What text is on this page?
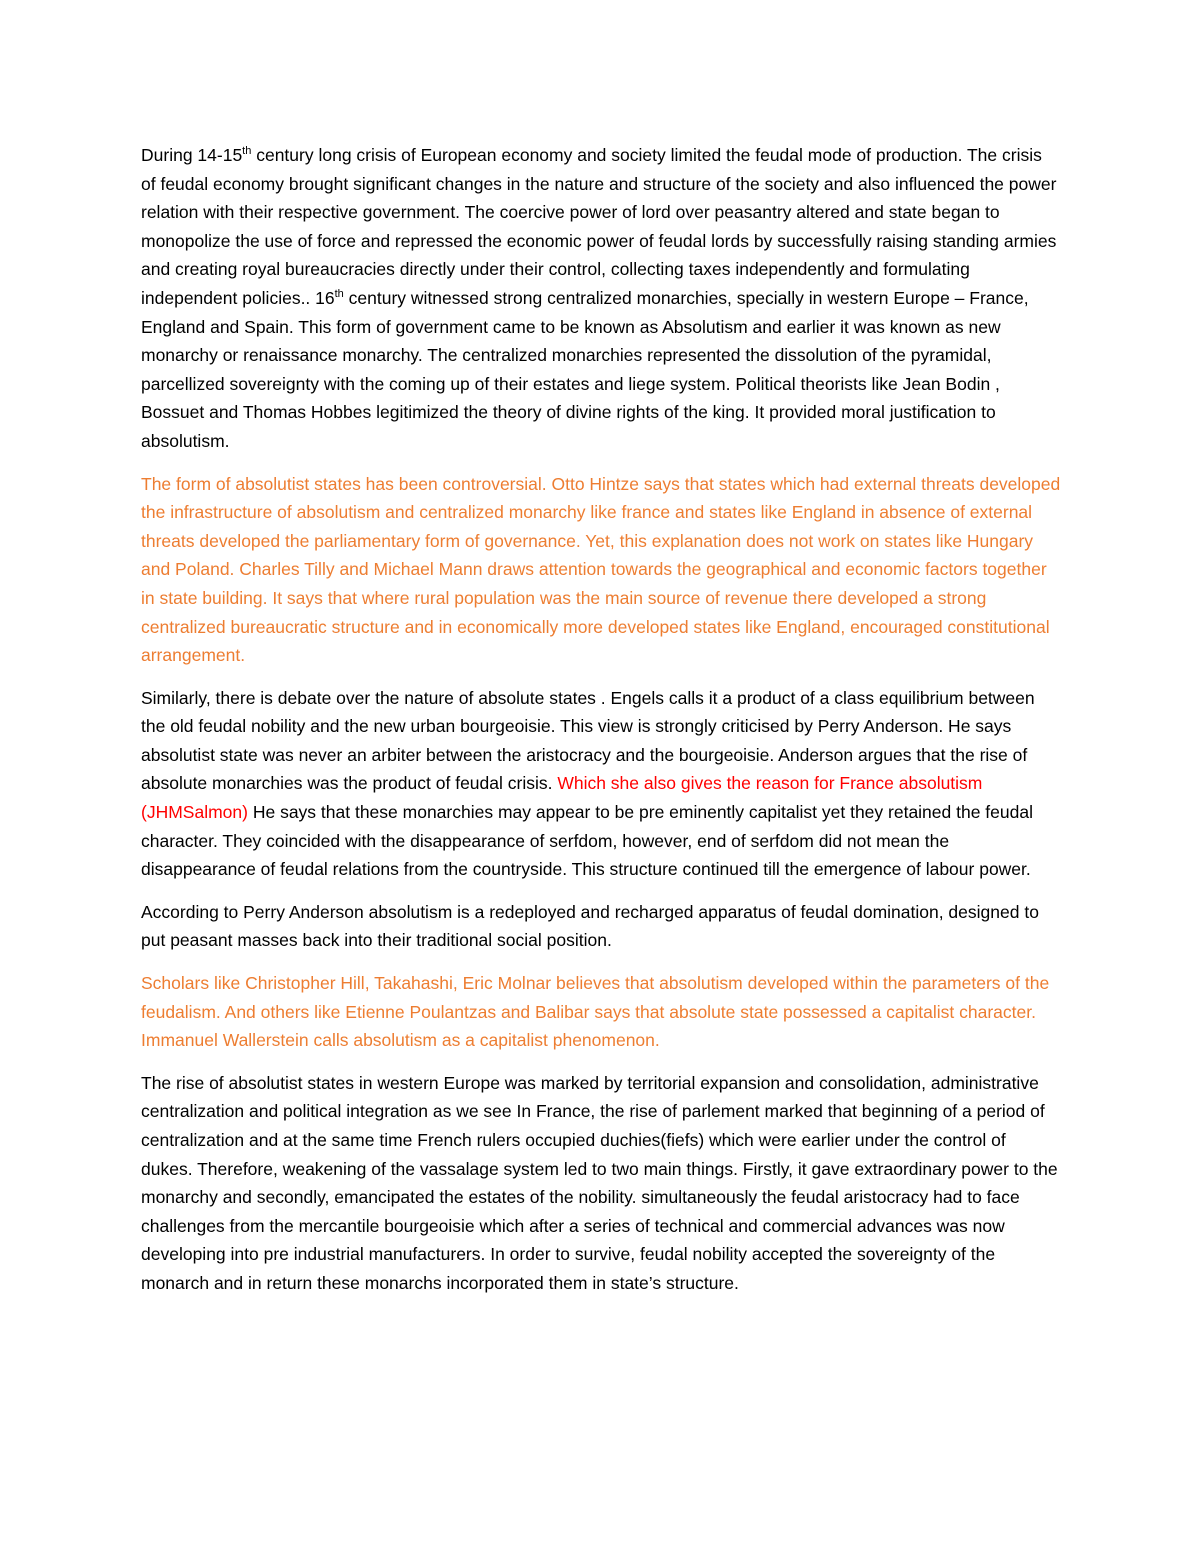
During 14-15th century long crisis of European economy and society limited the feudal mode of production. The crisis of feudal economy brought significant changes in the nature and structure of the society and also influenced the power relation with their respective government. The coercive power of lord over peasantry altered and state began to monopolize the use of force and repressed the economic power of feudal lords by successfully raising standing armies and creating royal bureaucracies directly under their control, collecting taxes independently and formulating independent policies.. 16th century witnessed strong centralized monarchies, specially in western Europe – France, England and Spain. This form of government came to be known as Absolutism and earlier it was known as new monarchy or renaissance monarchy. The centralized monarchies represented the dissolution of the pyramidal, parcellized sovereignty with the coming up of their estates and liege system. Political theorists like Jean Bodin , Bossuet and Thomas Hobbes legitimized the theory of divine rights of the king. It provided moral justification to absolutism.

The form of absolutist states has been controversial. Otto Hintze says that states which had external threats developed the infrastructure of absolutism and centralized monarchy like france and states like England in absence of external threats developed the parliamentary form of governance. Yet, this explanation does not work on states like Hungary and Poland. Charles Tilly and Michael Mann draws attention towards the geographical and economic factors together in state building. It says that where rural population was the main source of revenue there developed a strong centralized bureaucratic structure and in economically more developed states like England, encouraged constitutional arrangement.

Similarly, there is debate over the nature of absolute states . Engels calls it a product of a class equilibrium between the old feudal nobility and the new urban bourgeoisie. This view is strongly criticised by Perry Anderson. He says absolutist state was never an arbiter between the aristocracy and the bourgeoisie. Anderson argues that the rise of absolute monarchies was the product of feudal crisis. Which she also gives the reason for France absolutism (JHMSalmon) He says that these monarchies may appear to be pre eminently capitalist yet they retained the feudal character. They coincided with the disappearance of serfdom, however, end of serfdom did not mean the disappearance of feudal relations from the countryside. This structure continued till the emergence of labour power.

According to Perry Anderson absolutism is a redeployed and recharged apparatus of feudal domination, designed to put peasant masses back into their traditional social position.

Scholars like Christopher Hill, Takahashi, Eric Molnar believes that absolutism developed within the parameters of the feudalism. And others like Etienne Poulantzas and Balibar says that absolute state possessed a capitalist character. Immanuel Wallerstein calls absolutism as a capitalist phenomenon.

The rise of absolutist states in western Europe was marked by territorial expansion and consolidation, administrative centralization and political integration as we see In France, the rise of parlement marked that beginning of a period of centralization and at the same time French rulers occupied duchies(fiefs) which were earlier under the control of dukes. Therefore, weakening of the vassalage system led to two main things. Firstly, it gave extraordinary power to the monarchy and secondly, emancipated the estates of the nobility. simultaneously the feudal aristocracy had to face challenges from the mercantile bourgeoisie which after a series of technical and commercial advances was now developing into pre industrial manufacturers. In order to survive, feudal nobility accepted the sovereignty of the monarch and in return these monarchs incorporated them in state’s structure.
